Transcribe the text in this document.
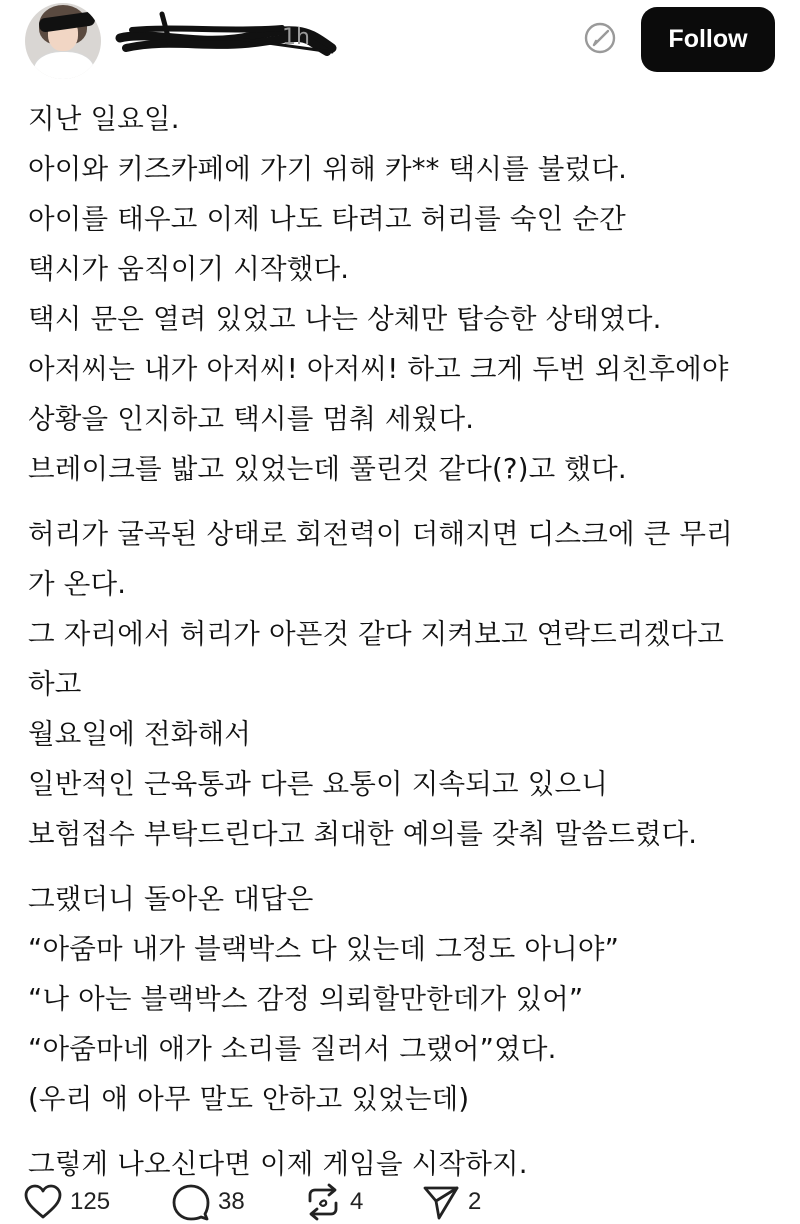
1h	Follow
지난 일요일.
아이와 키즈카페에 가기 위해 카** 택시를 불렀다.
아이를 태우고 이제 나도 타려고 허리를 숙인 순간
택시가 움직이기 시작했다.
택시 문은 열려 있었고 나는 상체만 탑승한 상태였다.
아저씨는 내가 아저씨! 아저씨! 하고 크게 두번 외친후에야
상황을 인지하고 택시를 멈춰 세웠다.
브레이크를 밟고 있었는데 풀린것 같다(?)고 했다.
허리가 굴곡된 상태로 회전력이 더해지면 디스크에 큰 무리
가 온다.
그 자리에서 허리가 아픈것 같다 지켜보고 연락드리겠다고
하고
월요일에 전화해서
일반적인 근육통과 다른 요통이 지속되고 있으니
보험접수 부탁드린다고 최대한 예의를 갖춰 말씀드렸다.
그랬더니 돌아온 대답은
“아줌마 내가 블랙박스 다 있는데 그정도 아니야”
“나 아는 블랙박스 감정 의뢰할만한데가 있어”
“아줌마네 애가 소리를 질러서 그랬어”였다.
(우리 애 아무 말도 안하고 있었는데)
그렇게 나오신다면 이제 게임을 시작하지.
125	38	4	2
